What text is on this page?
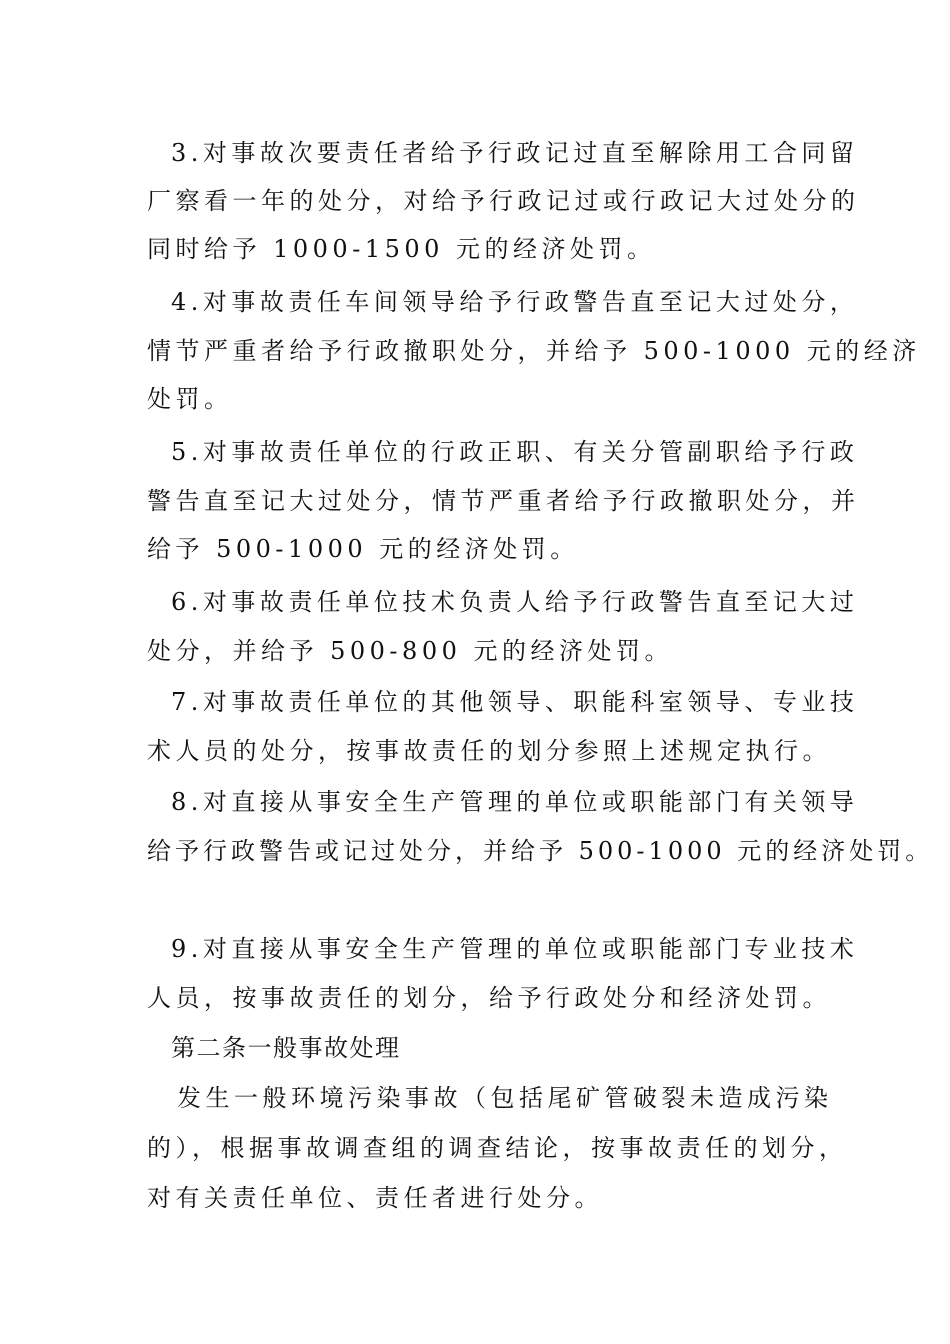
3.对事故次要责任者给予行政记过直至解除用工合同留
厂察看一年的处分，对给予行政记过或行政记大过处分的
同时给予 1000-1500 元的经济处罚。
4.对事故责任车间领导给予行政警告直至记大过处分，
情节严重者给予行政撤职处分，并给予 500-1000 元的经济
处罚。
5.对事故责任单位的行政正职、有关分管副职给予行政
警告直至记大过处分，情节严重者给予行政撤职处分，并
给予 500-1000 元的经济处罚。
6.对事故责任单位技术负责人给予行政警告直至记大过
处分，并给予 500-800 元的经济处罚。
7.对事故责任单位的其他领导、职能科室领导、专业技
术人员的处分，按事故责任的划分参照上述规定执行。
8.对直接从事安全生产管理的单位或职能部门有关领导
给予行政警告或记过处分，并给予 500-1000 元的经济处罚。
9.对直接从事安全生产管理的单位或职能部门专业技术
人员，按事故责任的划分，给予行政处分和经济处罚。
第二条一般事故处理
发生一般环境污染事故（包括尾矿管破裂未造成污染
的），根据事故调查组的调查结论，按事故责任的划分，
对有关责任单位、责任者进行处分。
